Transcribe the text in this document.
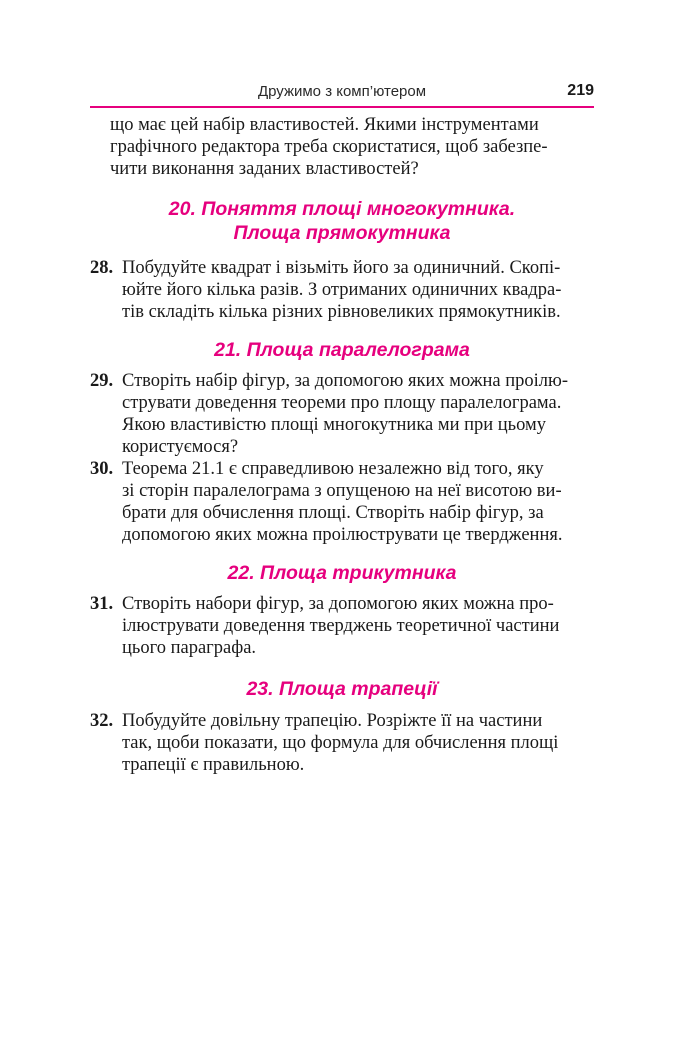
Дружимо з комп’ютером	219

що має цей набір властивостей. Якими інструментами
графічного редактора треба скористатися, щоб забезпе-
чити виконання заданих властивостей?

20. Поняття площі многокутника.
Площа прямокутника
28. Побудуйте квадрат і візьміть його за одиничний. Скопі-
юйте його кілька разів. З отриманих одиничних квадра-
тів складіть кілька різних рівновеликих прямокутників.

21. Площа паралелограма
29. Створіть набір фігур, за допомогою яких можна проілю-
струвати доведення теореми про площу паралелограма.
Якою властивістю площі многокутника ми при цьому
користуємося?

30. Теорема 21.1 є справедливою незалежно від того, яку
зі сторін паралелограма з опущеною на неї висотою ви-
брати для обчислення площі. Створіть набір фігур, за
допомогою яких можна проілюструвати це твердження.

22. Площа трикутника
31. Створіть набори фігур, за допомогою яких можна про-
ілюструвати доведення тверджень теоретичної частини
цього параграфа.

23. Площа трапеції
32. Побудуйте довільну трапецію. Розріжте її на частини
так, щоби показати, що формула для обчислення площі
трапеції є правильною.
